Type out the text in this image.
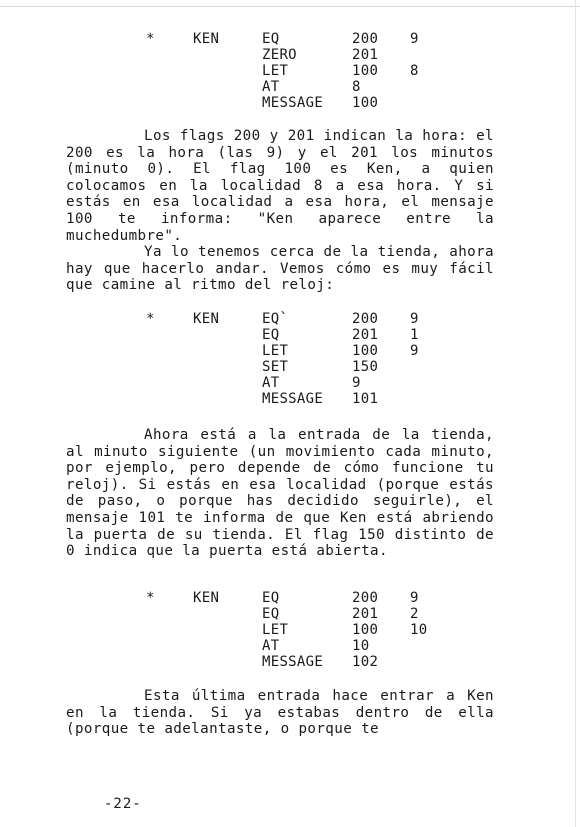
*	KEN	EQ	200 9
ZERO	201
LET	100 8
AT	8
MESSAGE 100

Los flags 200 y 201 indican la hora: el 200 es la hora (las 9) y el 201 los minutos (minuto 0). El flag 100 es Ken, a quien colocamos en la localidad 8 a esa hora. Y si estás en esa localidad a esa hora, el mensaje 100 te informa: "Ken aparece entre la muchedumbre".

Ya lo tenemos cerca de la tienda, ahora hay que hacerlo andar. Vemos cómo es muy fácil que camine al ritmo del reloj:

*	KEN	EQ`	200 9
EQ	201 1
LET	100 9
SET	150
AT	9
MESSAGE 101

Ahora está a la entrada de la tienda, al minuto siguiente (un movimiento cada minuto, por ejemplo, pero depende de cómo funcione tu reloj). Si estás en esa localidad (porque estás de paso, o porque has decidido seguirle), el mensaje 101 te informa de que Ken está abriendo la puerta de su tienda. El flag 150 distinto de 0 indica que la puerta está abierta.

*	KEN	EQ	200 9
EQ	201 2
LET	100 10
AT	10
MESSAGE 102

Esta última entrada hace entrar a Ken en la tienda. Si ya estabas dentro de ella (porque te adelantaste, o porque te

-22-
